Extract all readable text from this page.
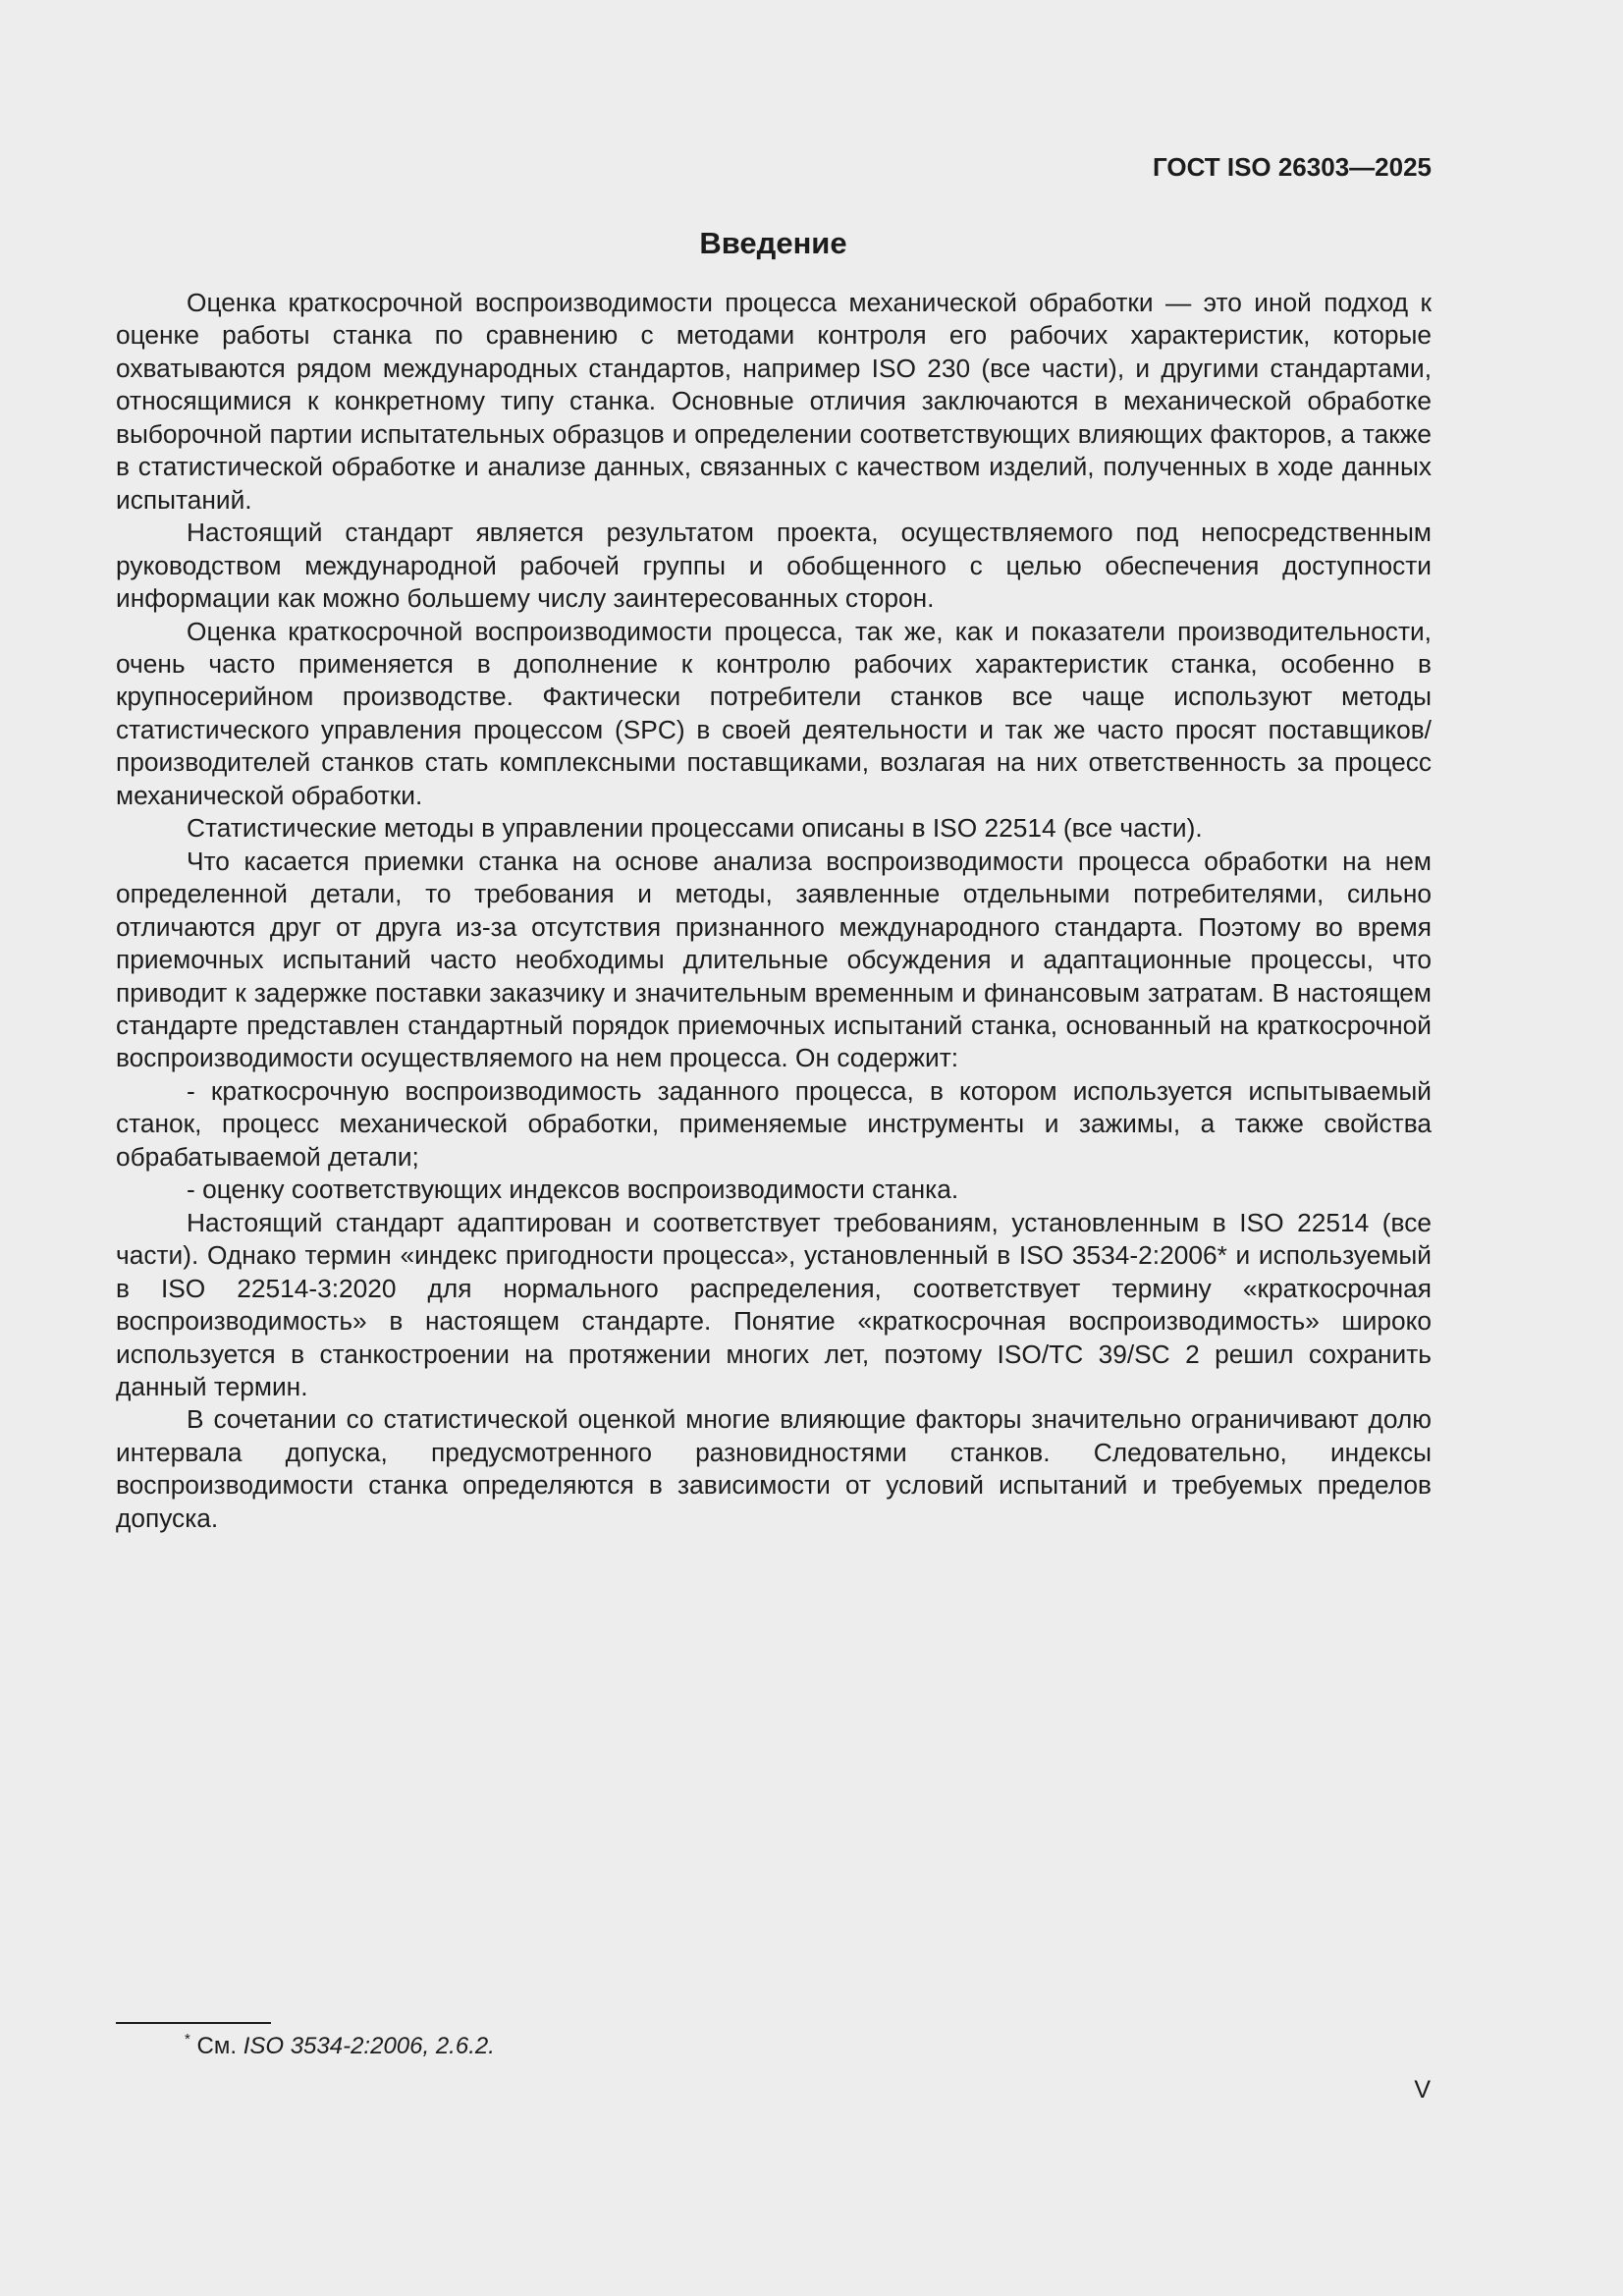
ГОСТ ISO 26303—2025
Введение

Оценка краткосрочной воспроизводимости процесса механической обработки — это иной подход к оценке работы станка по сравнению с методами контроля его рабочих характеристик, которые охватываются рядом международных стандартов, например ISO 230 (все части), и другими стандартами, относящимися к конкретному типу станка. Основные отличия заключаются в механической обработке выборочной партии испытательных образцов и определении соответствующих влияющих факторов, а также в статистической обработке и анализе данных, связанных с качеством изделий, полученных в ходе данных испытаний.

Настоящий стандарт является результатом проекта, осуществляемого под непосредственным руководством международной рабочей группы и обобщенного с целью обеспечения доступности информации как можно большему числу заинтересованных сторон.

Оценка краткосрочной воспроизводимости процесса, так же, как и показатели производительности, очень часто применяется в дополнение к контролю рабочих характеристик станка, особенно в крупносерийном производстве. Фактически потребители станков все чаще используют методы статистического управления процессом (SPC) в своей деятельности и так же часто просят поставщиков/производителей станков стать комплексными поставщиками, возлагая на них ответственность за процесс механической обработки.

Статистические методы в управлении процессами описаны в ISO 22514 (все части).

Что касается приемки станка на основе анализа воспроизводимости процесса обработки на нем определенной детали, то требования и методы, заявленные отдельными потребителями, сильно отличаются друг от друга из-за отсутствия признанного международного стандарта. Поэтому во время приемочных испытаний часто необходимы длительные обсуждения и адаптационные процессы, что приводит к задержке поставки заказчику и значительным временным и финансовым затратам. В настоящем стандарте представлен стандартный порядок приемочных испытаний станка, основанный на краткосрочной воспроизводимости осуществляемого на нем процесса. Он содержит:

- краткосрочную воспроизводимость заданного процесса, в котором используется испытываемый станок, процесс механической обработки, применяемые инструменты и зажимы, а также свойства обрабатываемой детали;

- оценку соответствующих индексов воспроизводимости станка.

Настоящий стандарт адаптирован и соответствует требованиям, установленным в ISO 22514 (все части). Однако термин «индекс пригодности процесса», установленный в ISO 3534-2:2006* и используемый в ISO 22514-3:2020 для нормального распределения, соответствует термину «краткосрочная воспроизводимость» в настоящем стандарте. Понятие «краткосрочная воспроизводимость» широко используется в станкостроении на протяжении многих лет, поэтому ISO/TC 39/SC 2 решил сохранить данный термин.

В сочетании со статистической оценкой многие влияющие факторы значительно ограничивают долю интервала допуска, предусмотренного разновидностями станков. Следовательно, индексы воспроизводимости станка определяются в зависимости от условий испытаний и требуемых пределов допуска.

* См. ISO 3534-2:2006, 2.6.2.
V
